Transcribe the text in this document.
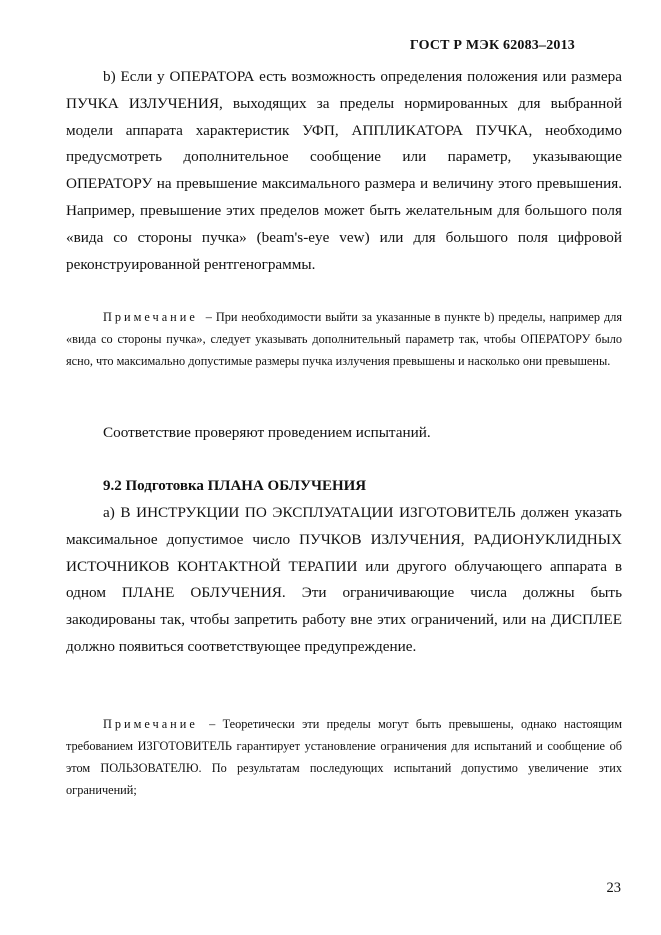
ГОСТ Р МЭК 62083–2013

b) Если у ОПЕРАТОРА есть возможность определения положения или размера ПУЧКА ИЗЛУЧЕНИЯ, выходящих за пределы нормированных для выбранной модели аппарата характеристик УФП, АППЛИКАТОРА ПУЧКА, необходимо предусмотреть дополнительное сообщение или параметр, указывающие ОПЕРАТОРУ на превышение максимального размера и величину этого превышения. Например, превышение этих пределов может быть желательным для большого поля «вида со стороны пучка» (beam's-eye vew) или для большого поля цифровой реконструированной рентгенограммы.

Примечание – При необходимости выйти за указанные в пункте b) пределы, например для «вида со стороны пучка», следует указывать дополнительный параметр так, чтобы ОПЕРАТОРУ было ясно, что максимально допустимые размеры пучка излучения превышены и насколько они превышены.

Соответствие проверяют проведением испытаний.

9.2 Подготовка ПЛАНА ОБЛУЧЕНИЯ

a) В ИНСТРУКЦИИ ПО ЭКСПЛУАТАЦИИ ИЗГОТОВИТЕЛЬ должен указать максимальное допустимое число ПУЧКОВ ИЗЛУЧЕНИЯ, РАДИОНУКЛИДНЫХ ИСТОЧНИКОВ КОНТАКТНОЙ ТЕРАПИИ или другого облучающего аппарата в одном ПЛАНЕ ОБЛУЧЕНИЯ. Эти ограничивающие числа должны быть закодированы так, чтобы запретить работу вне этих ограничений, или на ДИСПЛЕЕ должно появиться соответствующее предупреждение.

Примечание – Теоретически эти пределы могут быть превышены, однако настоящим требованием ИЗГОТОВИТЕЛЬ гарантирует установление ограничения для испытаний и сообщение об этом ПОЛЬЗОВАТЕЛЮ. По результатам последующих испытаний допустимо увеличение этих ограничений;

23
